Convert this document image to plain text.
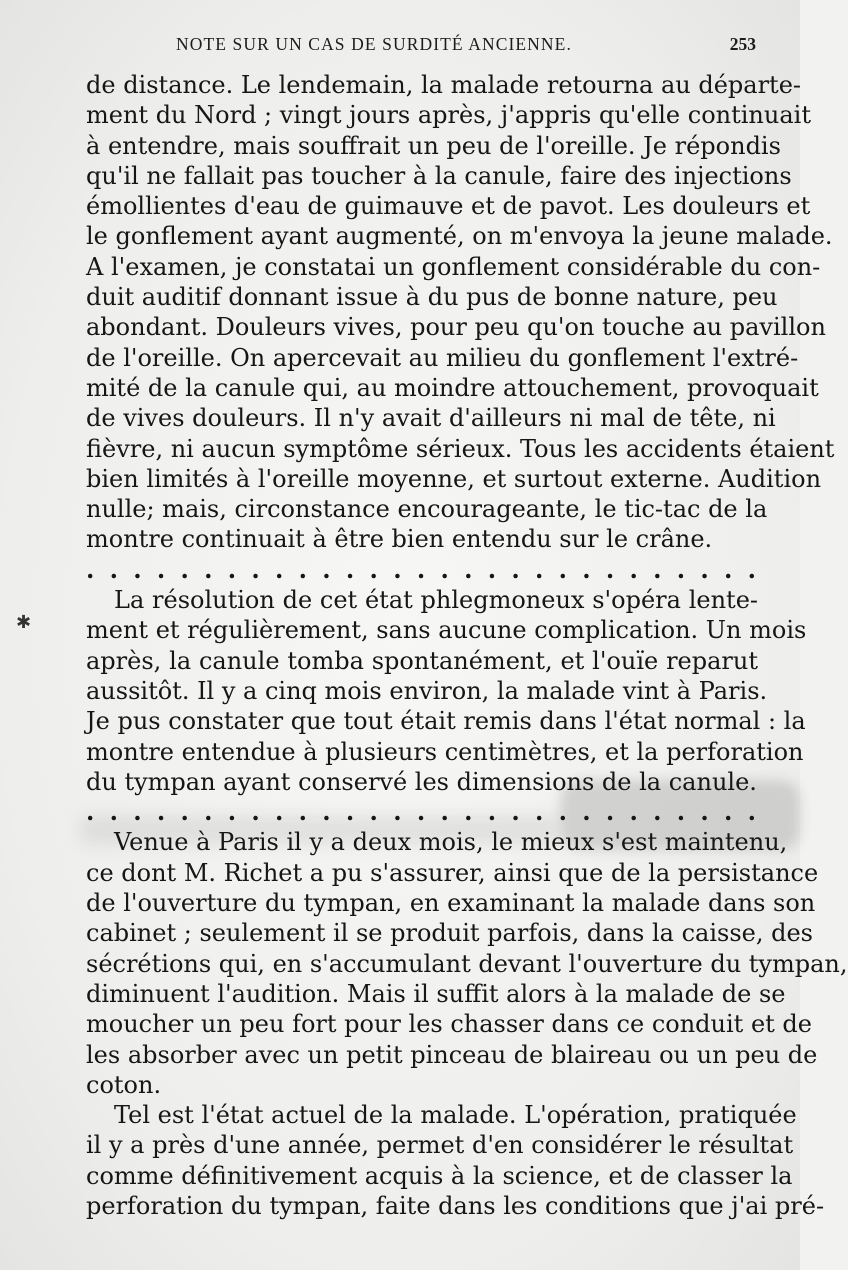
✱
NOTE SUR UN CAS DE SURDITÉ ANCIENNE.	253
de distance. Le lendemain, la malade retourna au départe-
ment du Nord ; vingt jours après, j'appris qu'elle continuait
à entendre, mais souffrait un peu de l'oreille. Je répondis
qu'il ne fallait pas toucher à la canule, faire des injections
émollientes d'eau de guimauve et de pavot. Les douleurs et
le gonflement ayant augmenté, on m'envoya la jeune malade.
A l'examen, je constatai un gonflement considérable du con-
duit auditif donnant issue à du pus de bonne nature, peu
abondant. Douleurs vives, pour peu qu'on touche au pavillon
de l'oreille. On apercevait au milieu du gonflement l'extré-
mité de la canule qui, au moindre attouchement, provoquait
de vives douleurs. Il n'y avait d'ailleurs ni mal de tête, ni
fièvre, ni aucun symptôme sérieux. Tous les accidents étaient
bien limités à l'oreille moyenne, et surtout externe. Audition
nulle; mais, circonstance encourageante, le tic-tac de la
montre continuait à être bien entendu sur le crâne.
. . . . . . . . . . . . . . . . . . . . . . . . . . . . .
La résolution de cet état phlegmoneux s'opéra lente-
ment et régulièrement, sans aucune complication. Un mois
après, la canule tomba spontanément, et l'ouïe reparut
aussitôt. Il y a cinq mois environ, la malade vint à Paris.
Je pus constater que tout était remis dans l'état normal : la
montre entendue à plusieurs centimètres, et la perforation
du tympan ayant conservé les dimensions de la canule.
. . . . . . . . . . . . . . . . . . . . . . . . . . . . .
Venue à Paris il y a deux mois, le mieux s'est maintenu,
ce dont M. Richet a pu s'assurer, ainsi que de la persistance
de l'ouverture du tympan, en examinant la malade dans son
cabinet ; seulement il se produit parfois, dans la caisse, des
sécrétions qui, en s'accumulant devant l'ouverture du tympan,
diminuent l'audition. Mais il suffit alors à la malade de se
moucher un peu fort pour les chasser dans ce conduit et de
les absorber avec un petit pinceau de blaireau ou un peu de
coton.
Tel est l'état actuel de la malade. L'opération, pratiquée
il y a près d'une année, permet d'en considérer le résultat
comme définitivement acquis à la science, et de classer la
perforation du tympan, faite dans les conditions que j'ai pré-
